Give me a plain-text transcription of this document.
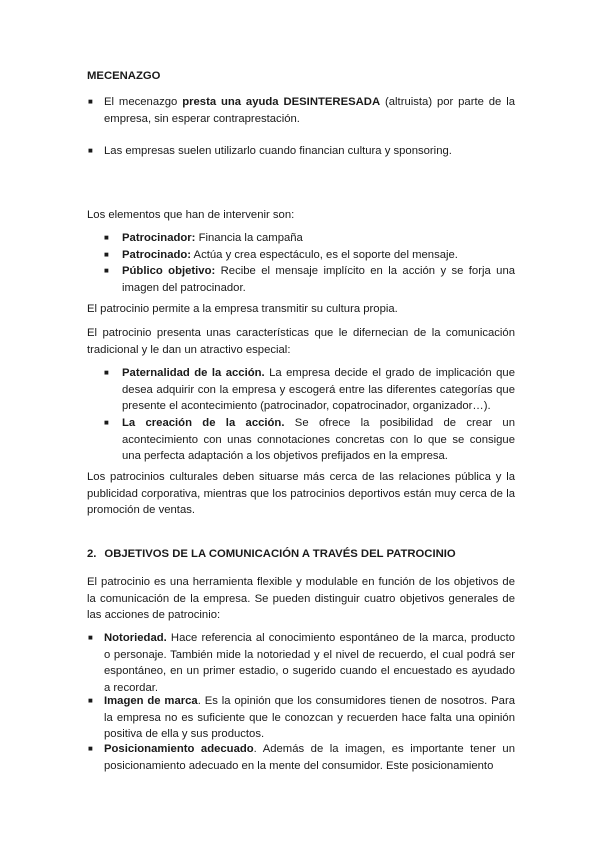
MECENAZGO

■ El mecenazgo presta una ayuda DESINTERESADA (altruista) por parte de la empresa, sin esperar contraprestación.

■ Las empresas suelen utilizarlo cuando financian cultura y sponsoring.

Los elementos que han de intervenir son:

■ Patrocinador: Financia la campaña

■ Patrocinado: Actúa y crea espectáculo, es el soporte del mensaje.

■ Público objetivo: Recibe el mensaje implícito en la acción y se forja una imagen del patrocinador.

El patrocinio permite a la empresa transmitir su cultura propia.

El patrocinio presenta unas características que le difernecian de la comunicación tradicional y le dan un atractivo especial:

■ Paternalidad de la acción. La empresa decide el grado de implicación que desea adquirir con la empresa y escogerá entre las diferentes categorías que presente el acontecimiento (patrocinador, copatrocinador, organizador…).

■ La creación de la acción. Se ofrece la posibilidad de crear un acontecimiento con unas connotaciones concretas con lo que se consigue una perfecta adaptación a los objetivos prefijados en la empresa.

Los patrocinios culturales deben situarse más cerca de las relaciones pública y la publicidad corporativa, mientras que los patrocinios deportivos están muy cerca de la promoción de ventas.

2. OBJETIVOS DE LA COMUNICACIÓN A TRAVÉS DEL PATROCINIO

El patrocinio es una herramienta flexible y modulable en función de los objetivos de la comunicación de la empresa. Se pueden distinguir cuatro objetivos generales de las acciones de patrocinio:

■ Notoriedad. Hace referencia al conocimiento espontáneo de la marca, producto o personaje. También mide la notoriedad y el nivel de recuerdo, el cual podrá ser espontáneo, en un primer estadio, o sugerido cuando el encuestado es ayudado a recordar.

■ Imagen de marca. Es la opinión que los consumidores tienen de nosotros. Para la empresa no es suficiente que le conozcan y recuerden hace falta una opinión positiva de ella y sus productos.

■ Posicionamiento adecuado. Además de la imagen, es importante tener un posicionamiento adecuado en la mente del consumidor. Este posicionamiento
